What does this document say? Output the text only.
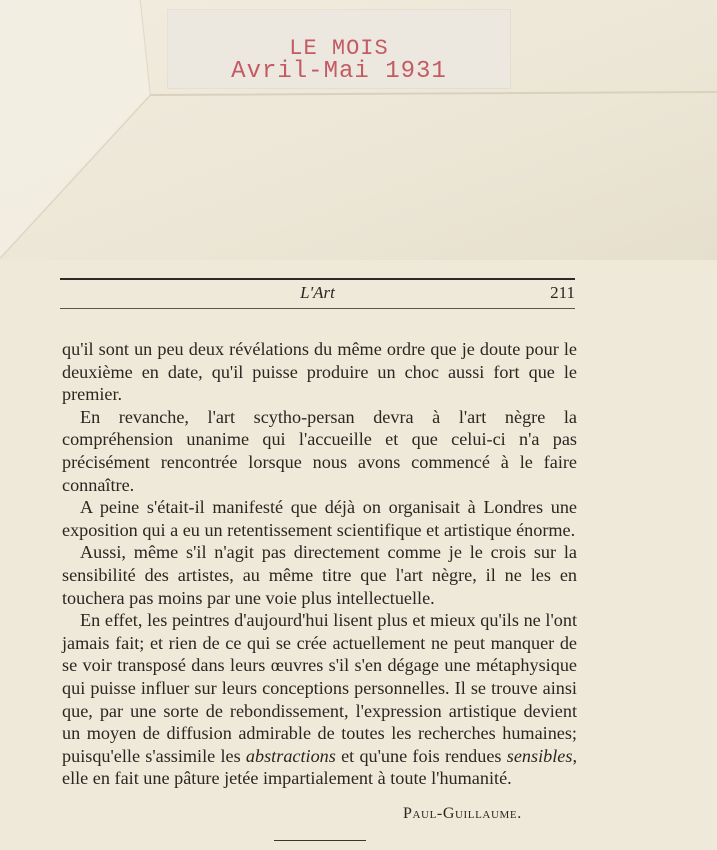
LE MOIS
Avril-Mai 1931
L'Art	211

qu'il sont un peu deux révélations du même ordre que je doute pour le deuxième en date, qu'il puisse produire un choc aussi fort que le premier.

En revanche, l'art scytho-persan devra à l'art nègre la compréhension unanime qui l'accueille et que celui-ci n'a pas précisément rencontrée lorsque nous avons commencé à le faire connaître.

A peine s'était-il manifesté que déjà on organisait à Londres une exposition qui a eu un retentissement scientifique et artistique énorme.

Aussi, même s'il n'agit pas directement comme je le crois sur la sensibilité des artistes, au même titre que l'art nègre, il ne les en touchera pas moins par une voie plus intellectuelle.

En effet, les peintres d'aujourd'hui lisent plus et mieux qu'ils ne l'ont jamais fait; et rien de ce qui se crée actuellement ne peut manquer de se voir transposé dans leurs œuvres s'il s'en dégage une métaphysique qui puisse influer sur leurs conceptions personnelles. Il se trouve ainsi que, par une sorte de rebondissement, l'expression artistique devient un moyen de diffusion admirable de toutes les recherches humaines; puisqu'elle s'assimile les abstractions et qu'une fois rendues sensibles, elle en fait une pâture jetée impartialement à toute l'humanité.

Paul-Guillaume.
